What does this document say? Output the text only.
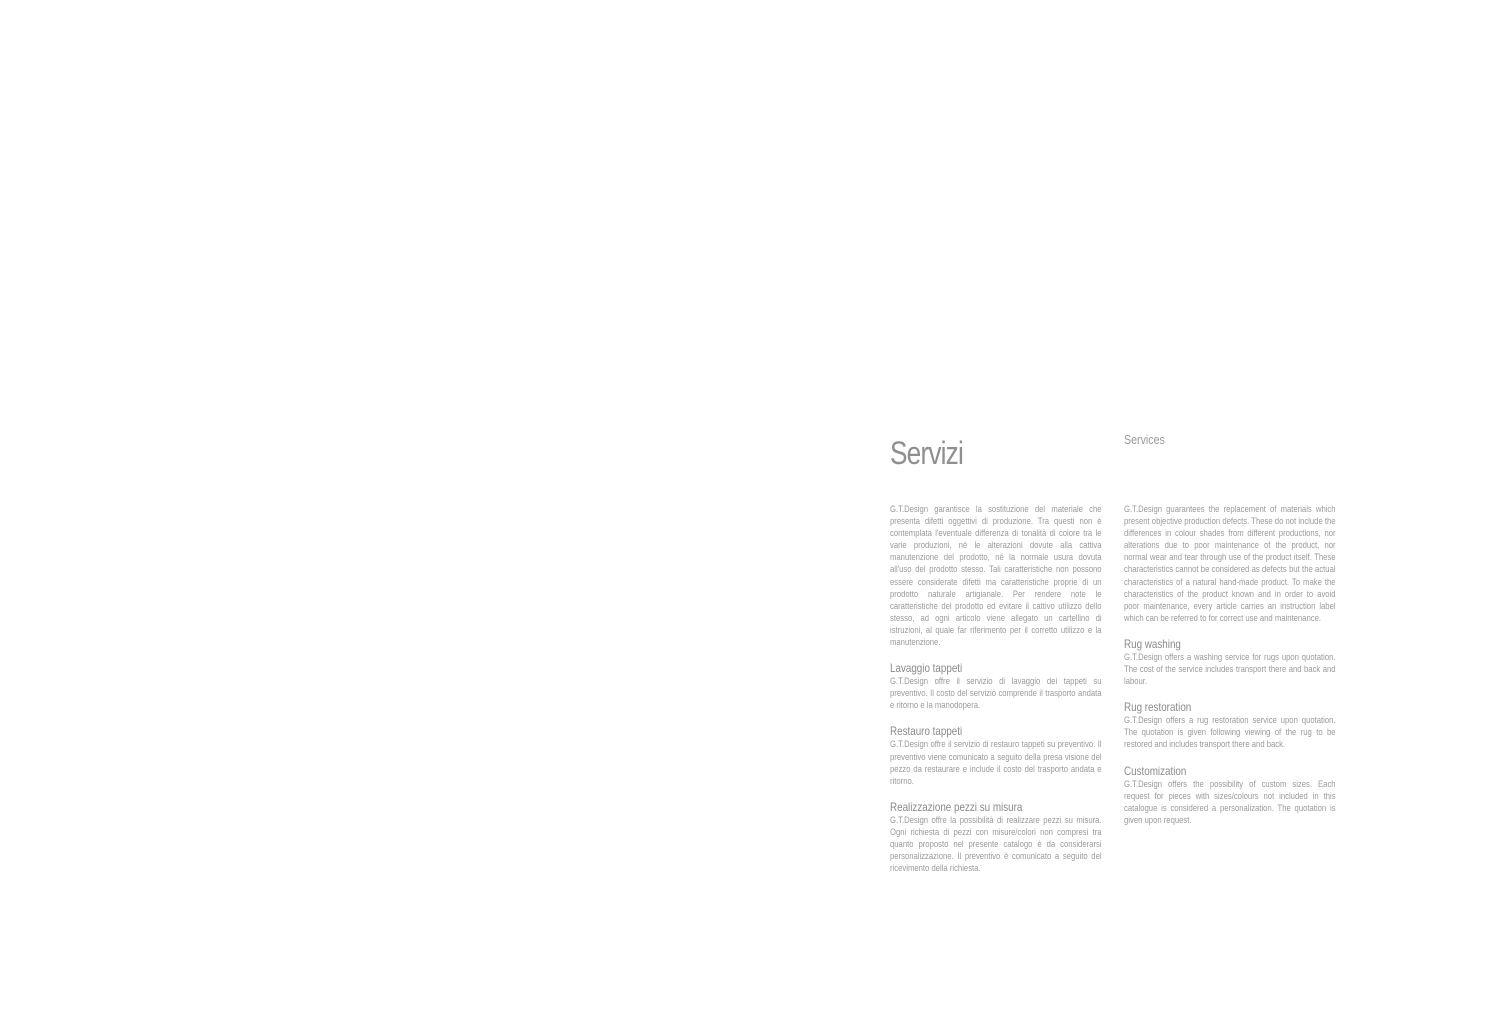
Servizi	Services

G.T.Design garantisce la sostituzione del materiale che presenta difetti oggettivi di produzione. Tra questi non è contemplata l'eventuale differenza di tonalità di colore tra le varie produzioni, né le alterazioni dovute alla cattiva manutenzione del prodotto, né la normale usura dovuta all'uso del prodotto stesso. Tali caratteristiche non possono essere considerate difetti ma caratteristiche proprie di un prodotto naturale artigianale. Per rendere note le caratteristiche del prodotto ed evitare il cattivo utilizzo dello stesso, ad ogni articolo viene allegato un cartellino di istruzioni, al quale far riferimento per il corretto utilizzo e la manutenzione.

Lavaggio tappeti

G.T.Design offre il servizio di lavaggio dei tappeti su preventivo. Il costo del servizio comprende il trasporto andata e ritorno e la manodopera.

Restauro tappeti

G.T.Design offre il servizio di restauro tappeti su preventivo. Il preventivo viene comunicato a seguito della presa visione del pezzo da restaurare e include il costo del trasporto andata e ritorno.

Realizzazione pezzi su misura

G.T.Design offre la possibilità di realizzare pezzi su misura. Ogni richiesta di pezzi con misure/colori non compresi tra quanto proposto nel presente catalogo è da considerarsi personalizzazione. Il preventivo è comunicato a seguito del ricevimento della richiesta.

G.T.Design guarantees the replacement of materials which present objective production defects. These do not include the differences in colour shades from different productions, nor alterations due to poor maintenance of the product, nor normal wear and tear through use of the product itself. These characteristics cannot be considered as defects but the actual characteristics of a natural hand-made product. To make the characteristics of the product known and in order to avoid poor maintenance, every article carries an instruction label which can be referred to for correct use and maintenance.

Rug washing

G.T.Design offers a washing service for rugs upon quotation. The cost of the service includes transport there and back and labour.

Rug restoration

G.T.Design offers a rug restoration service upon quotation. The quotation is given following viewing of the rug to be restored and includes transport there and back.

Customization

G.T.Design offers the possibility of custom sizes. Each request for pieces with sizes/colours not included in this catalogue is considered a personalization. The quotation is given upon request.
